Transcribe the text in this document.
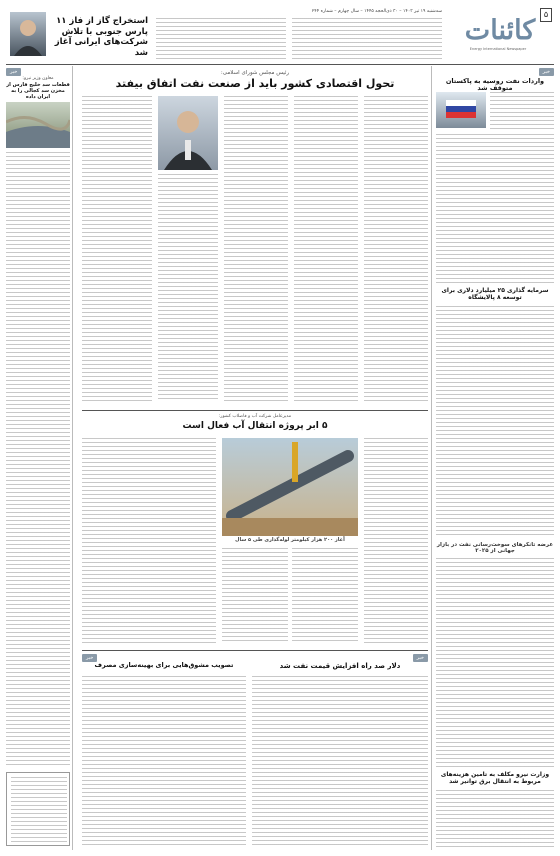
۵
کائنات
Energy International Newspaper
سه‌شنبه ۱۹ تیر ۱۴۰۳ – ۳۰ ذی‌الحجه ۱۴۴۵ – سال چهارم – شماره ۲۴۴
استخراج گاز از فاز ۱۱ پارس جنوبی با تلاش شرکت‌های ایرانی آغاز شد
خبر
واردات نفت روسیه به پاکستان متوقف شد
سرمایه‌ گذاری ۲۵ میلیارد دلاری برای توسعه ۸ پالایشگاه
عرضه‌ تانکرهای سوخت‌رسانی نفت در بازار جهانی از ۲۰۲۵
وزارت نیرو مکلف به تامین هزینه‌های مربوط به انتقال برق توانیر شد
رئیس مجلس شورای اسلامی:
تحول اقتصادی کشور باید از صنعت نفت اتفاق بیفتد
خبر
معاون وزیر نیرو:
قطعات سد خلیج فارس از مخزن سد کجالی را به ایران داده
مدیرعامل شرکت آب و فاضلاب کشور:
۵ ابر پروژه انتقال آب فعال است
آغاز ۲۰۰ هزار کیلومتر لوله‌گذاری طی ۵ سال
خبر
دلار صد راه افزایش قیمت نفت شد
خبر
تصویب مشوق‌هایی برای بهینه‌سازی مصرف
